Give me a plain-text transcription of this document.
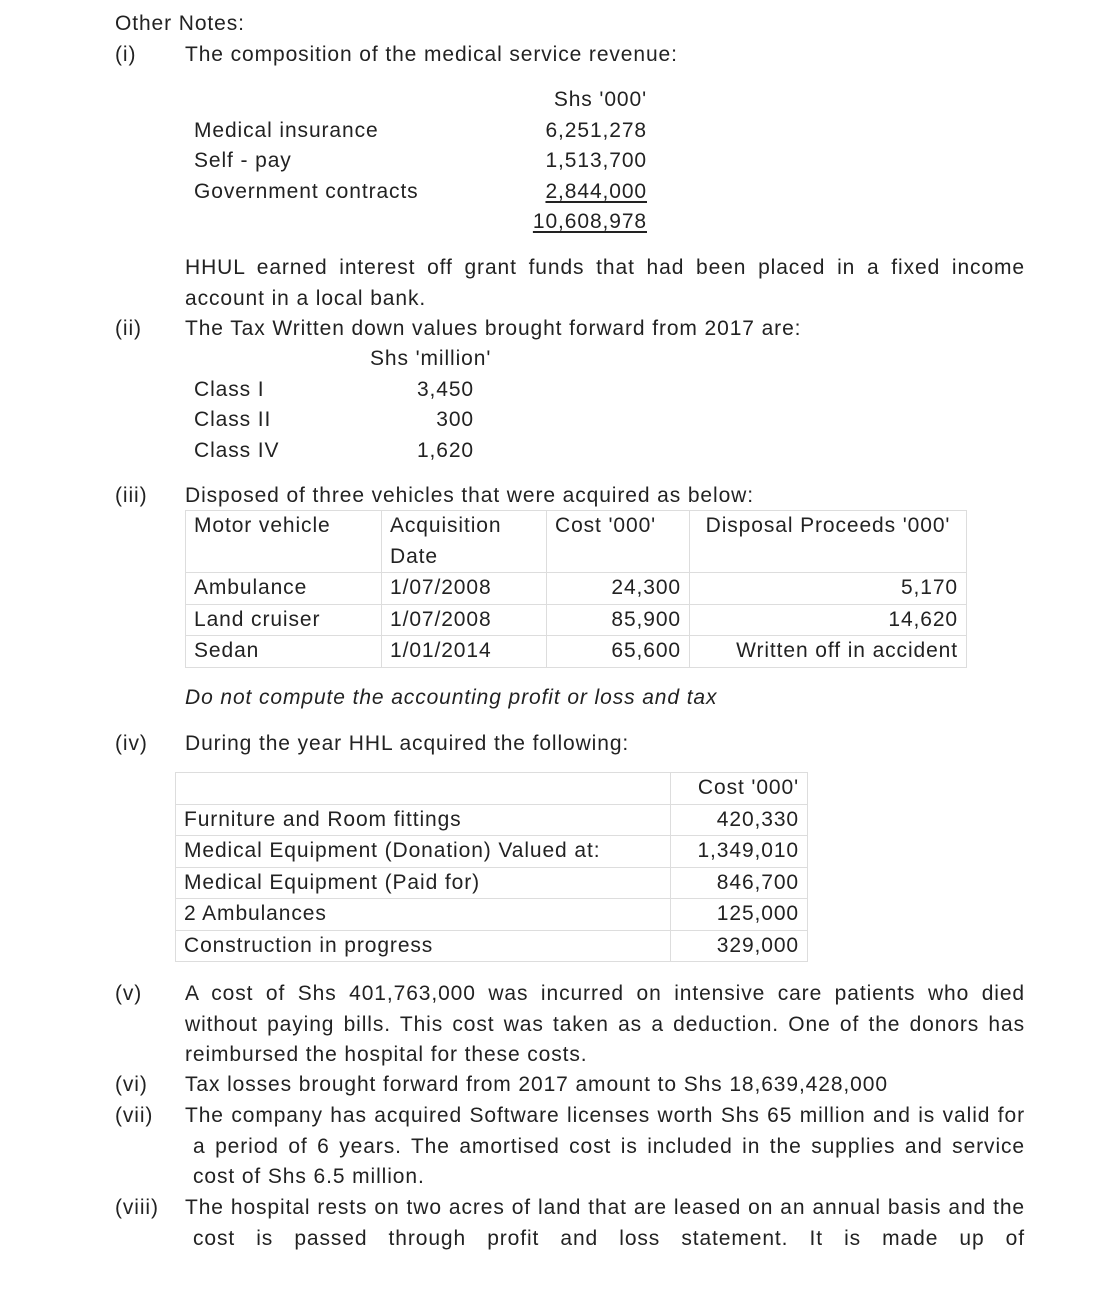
Other Notes:
(i) The composition of the medical service revenue:
Shs '000'
Medical insurance	6,251,278
Self - pay	1,513,700
Government contracts	2,844,000
10,608,978
HHUL earned interest off grant funds that had been placed in a fixed income account in a local bank.
(ii) The Tax Written down values brought forward from 2017 are:
Shs 'million'
Class I	3,450
Class II	300
Class IV	1,620
(iii) Disposed of three vehicles that were acquired as below:
Motor vehicle	Acquisition Date	Cost '000'	Disposal Proceeds '000'
Ambulance	1/07/2008	24,300	5,170
Land cruiser	1/07/2008	85,900	14,620
Sedan	1/01/2014	65,600	Written off in accident
Do not compute the accounting profit or loss and tax
(iv) During the year HHL acquired the following:
	Cost '000'
Furniture and Room fittings	420,330
Medical Equipment (Donation) Valued at:	1,349,010
Medical Equipment (Paid for)	846,700
2 Ambulances	125,000
Construction in progress	329,000
(v) A cost of Shs 401,763,000 was incurred on intensive care patients who died without paying bills. This cost was taken as a deduction. One of the donors has reimbursed the hospital for these costs.
(vi) Tax losses brought forward from 2017 amount to Shs 18,639,428,000
(vii) The company has acquired Software licenses worth Shs 65 million and is valid for a period of 6 years. The amortised cost is included in the supplies and service cost of Shs 6.5 million.
(viii) The hospital rests on two acres of land that are leased on an annual basis and the cost is passed through profit and loss statement. It is made up of
